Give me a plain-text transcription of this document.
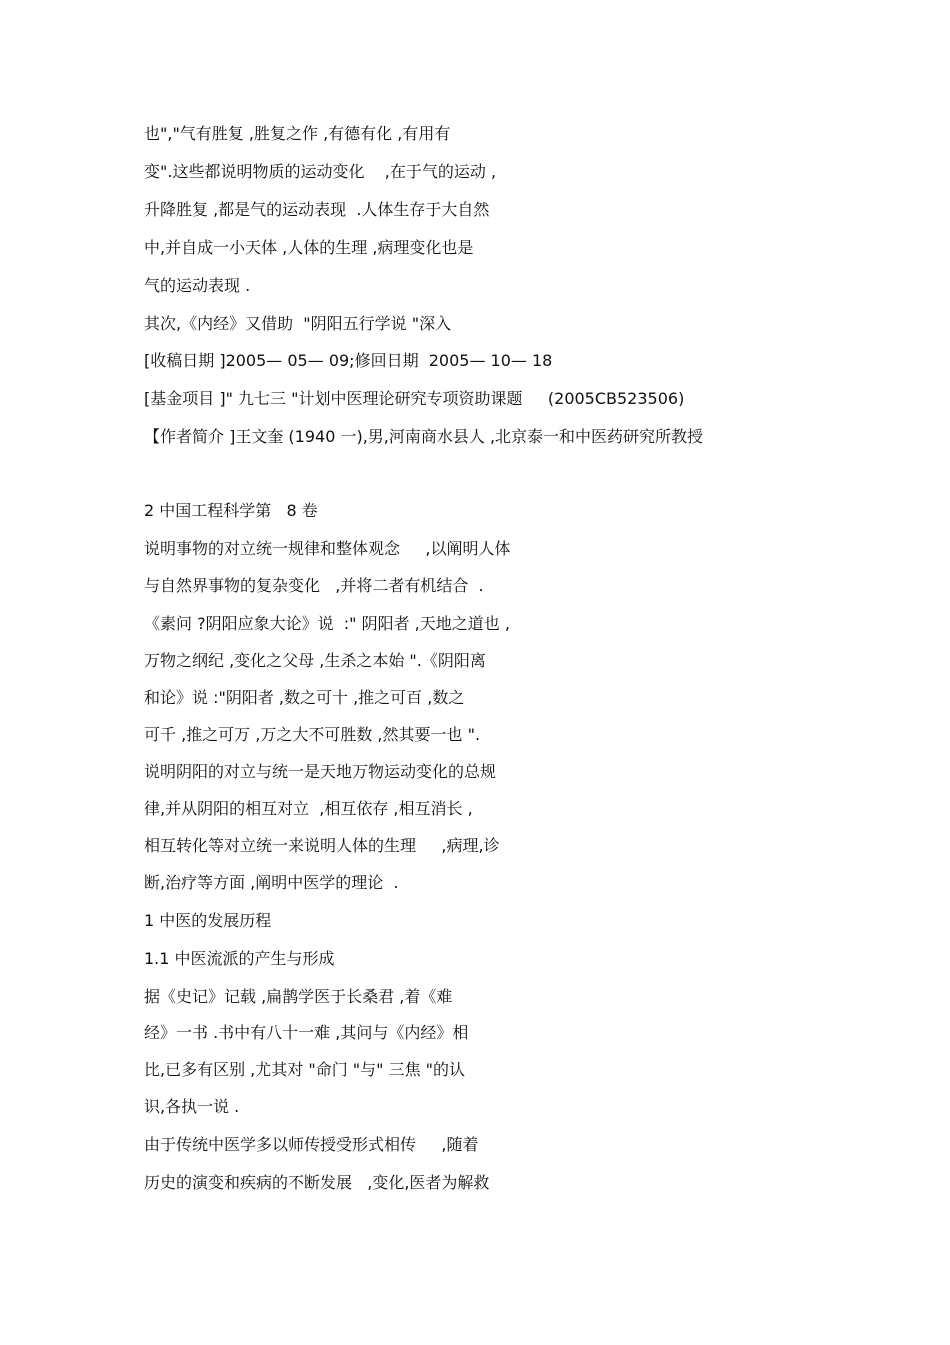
也","气有胜复 ,胜复之作 ,有德有化 ,有用有
变".这些都说明物质的运动变化    ,在于气的运动 ,
升降胜复 ,都是气的运动表现  .人体生存于大自然
中,并自成一小天体 ,人体的生理 ,病理变化也是
气的运动表现 .
其次,《内经》又借助  "阴阳五行学说 "深入
[收稿日期 ]2005— 05— 09;修回日期  2005— 10— 18
[基金项目 ]" 九七三 "计划中医理论研究专项资助课题     (2005CB523506)
【作者简介 ]王文奎 (1940 一),男,河南商水县人 ,北京泰一和中医药研究所教授
2 中国工程科学第   8 卷
说明事物的对立统一规律和整体观念     ,以阐明人体
与自然界事物的复杂变化   ,并将二者有机结合  .
《素问 ?阴阳应象大论》说  :" 阴阳者 ,天地之道也 ,
万物之纲纪 ,变化之父母 ,生杀之本始 ".《阴阳离
和论》说 :"阴阳者 ,数之可十 ,推之可百 ,数之
可千 ,推之可万 ,万之大不可胜数 ,然其要一也 ".
说明阴阳的对立与统一是天地万物运动变化的总规
律,并从阴阳的相互对立  ,相互依存 ,相互消长 ,
相互转化等对立统一来说明人体的生理     ,病理,诊
断,治疗等方面 ,阐明中医学的理论  .
1 中医的发展历程
1.1 中医流派的产生与形成
据《史记》记载 ,扁鹊学医于长桑君 ,着《难
经》一书 .书中有八十一难 ,其问与《内经》相
比,已多有区别 ,尤其对 "命门 "与" 三焦 "的认
识,各执一说 .
由于传统中医学多以师传授受形式相传     ,随着
历史的演变和疾病的不断发展   ,变化,医者为解救
